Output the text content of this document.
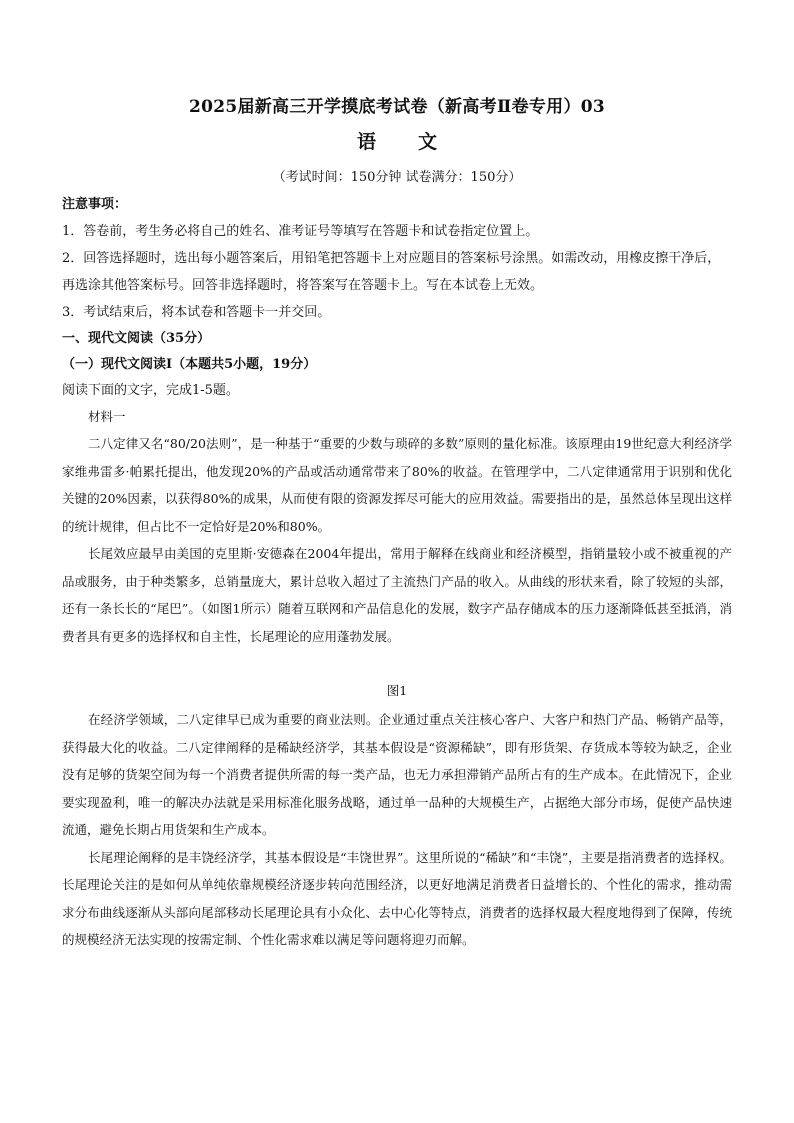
2025届新高三开学摸底考试卷（新高考Ⅱ卷专用）03
语 文
（考试时间：150分钟 试卷满分：150分）
注意事项：

1．答卷前，考生务必将自己的姓名、准考证号等填写在答题卡和试卷指定位置上。

2．回答选择题时，选出每小题答案后，用铅笔把答题卡上对应题目的答案标号涂黑。如需改动，用橡皮擦干净后，再选涂其他答案标号。回答非选择题时，将答案写在答题卡上。写在本试卷上无效。

3．考试结束后，将本试卷和答题卡一并交回。

一、现代文阅读（35分）
（一）现代文阅读Ⅰ（本题共5小题，19分）
阅读下面的文字，完成1-5题。
材料一

二八定律又名“80/20法则”，是一种基于“重要的少数与琐碎的多数”原则的量化标准。该原理由19世纪意大利经济学家维弗雷多·帕累托提出，他发现20%的产品或活动通常带来了80%的收益。在管理学中，二八定律通常用于识别和优化关键的20%因素，以获得80%的成果，从而使有限的资源发挥尽可能大的应用效益。需要指出的是，虽然总体呈现出这样的统计规律，但占比不一定恰好是20%和80%。

长尾效应最早由美国的克里斯·安德森在2004年提出，常用于解释在线商业和经济模型，指销量较小或不被重视的产品或服务，由于种类繁多，总销量庞大，累计总收入超过了主流热门产品的收入。从曲线的形状来看，除了较短的头部，还有一条长长的“尾巴”。（如图1所示）随着互联网和产品信息化的发展，数字产品存储成本的压力逐渐降低甚至抵消，消费者具有更多的选择权和自主性，长尾理论的应用蓬勃发展。

图1

在经济学领域，二八定律早已成为重要的商业法则。企业通过重点关注核心客户、大客户和热门产品、畅销产品等，获得最大化的收益。二八定律阐释的是稀缺经济学，其基本假设是“资源稀缺”，即有形货架、存货成本等较为缺乏，企业没有足够的货架空间为每一个消费者提供所需的每一类产品，也无力承担滞销产品所占有的生产成本。在此情况下，企业要实现盈利，唯一的解决办法就是采用标准化服务战略，通过单一品种的大规模生产，占据绝大部分市场，促使产品快速流通，避免长期占用货架和生产成本。

长尾理论阐释的是丰饶经济学，其基本假设是“丰饶世界”。这里所说的“稀缺”和“丰饶”，主要是指消费者的选择权。长尾理论关注的是如何从单纯依靠规模经济逐步转向范围经济，以更好地满足消费者日益增长的、个性化的需求，推动需求分布曲线逐渐从头部向尾部移动长尾理论具有小众化、去中心化等特点，消费者的选择权最大程度地得到了保障，传统的规模经济无法实现的按需定制、个性化需求难以满足等问题将迎刃而解。
